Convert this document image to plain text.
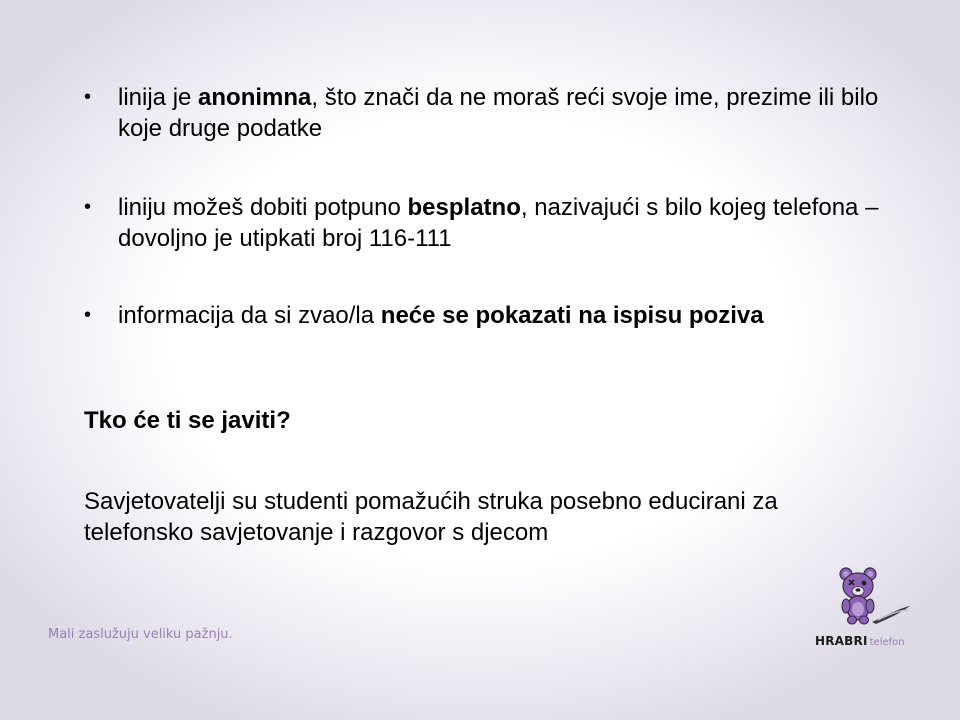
• linija je anonimna, što znači da ne moraš reći svoje ime, prezime ili bilo koje druge podatke
• liniju možeš dobiti potpuno besplatno, nazivajući s bilo kojeg telefona – dovoljno je utipkati broj 116-111
• informacija da si zvao/la neće se pokazati na ispisu poziva
Tko će ti se javiti?
Savjetovatelji su studenti pomažućih struka posebno educirani za telefonsko savjetovanje i razgovor s djecom
Mali zaslužuju veliku pažnju.	HRABRI telefon
